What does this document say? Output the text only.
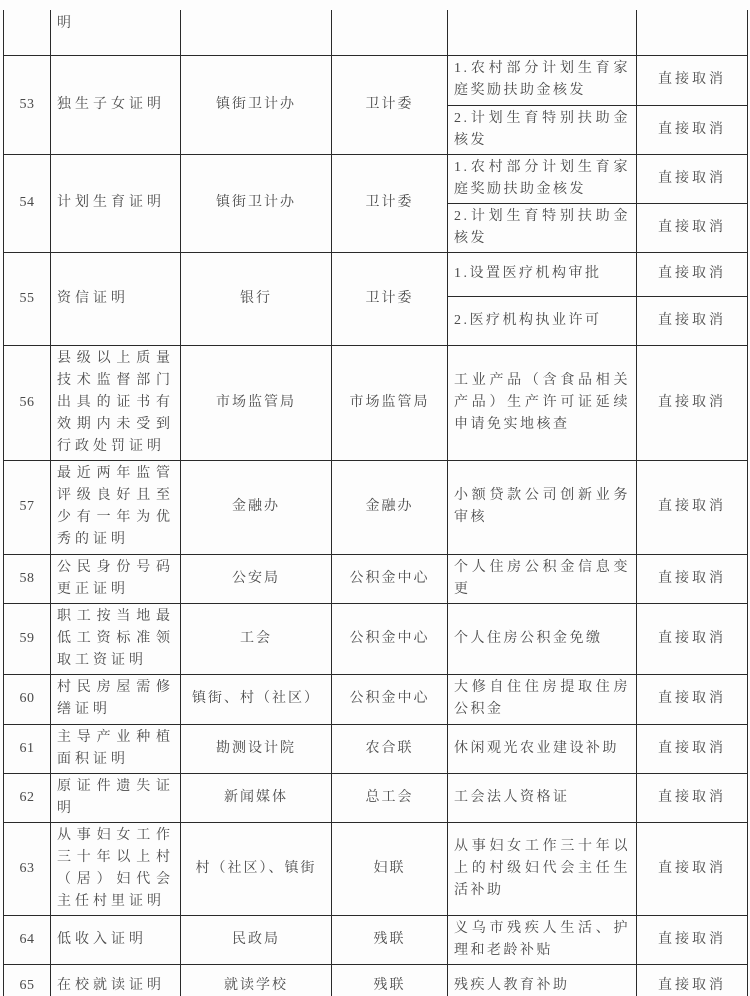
	明				
53	独生子女证明	镇街卫计办	卫计委	1.农村部分计划生育家庭奖励扶助金核发	直接取消
				2.计划生育特别扶助金核发	直接取消
54	计划生育证明	镇街卫计办	卫计委	1.农村部分计划生育家庭奖励扶助金核发	直接取消
				2.计划生育特别扶助金核发	直接取消
55	资信证明	银行	卫计委	1.设置医疗机构审批	直接取消
				2.医疗机构执业许可	直接取消
56	县级以上质量技术监督部门出具的证书有效期内未受到行政处罚证明	市场监管局	市场监管局	工业产品（含食品相关产品）生产许可证延续申请免实地核查	直接取消
57	最近两年监管评级良好且至少有一年为优秀的证明	金融办	金融办	小额贷款公司创新业务审核	直接取消
58	公民身份号码更正证明	公安局	公积金中心	个人住房公积金信息变更	直接取消
59	职工按当地最低工资标准领取工资证明	工会	公积金中心	个人住房公积金免缴	直接取消
60	村民房屋需修缮证明	镇街、村（社区）	公积金中心	大修自住住房提取住房公积金	直接取消
61	主导产业种植面积证明	勘测设计院	农合联	休闲观光农业建设补助	直接取消
62	原证件遗失证明	新闻媒体	总工会	工会法人资格证	直接取消
63	从事妇女工作三十年以上村（居）妇代会主任村里证明	村（社区）、镇街	妇联	从事妇女工作三十年以上的村级妇代会主任生活补助	直接取消
64	低收入证明	民政局	残联	义乌市残疾人生活、护理和老龄补贴	直接取消
65	在校就读证明	就读学校	残联	残疾人教育补助	直接取消
